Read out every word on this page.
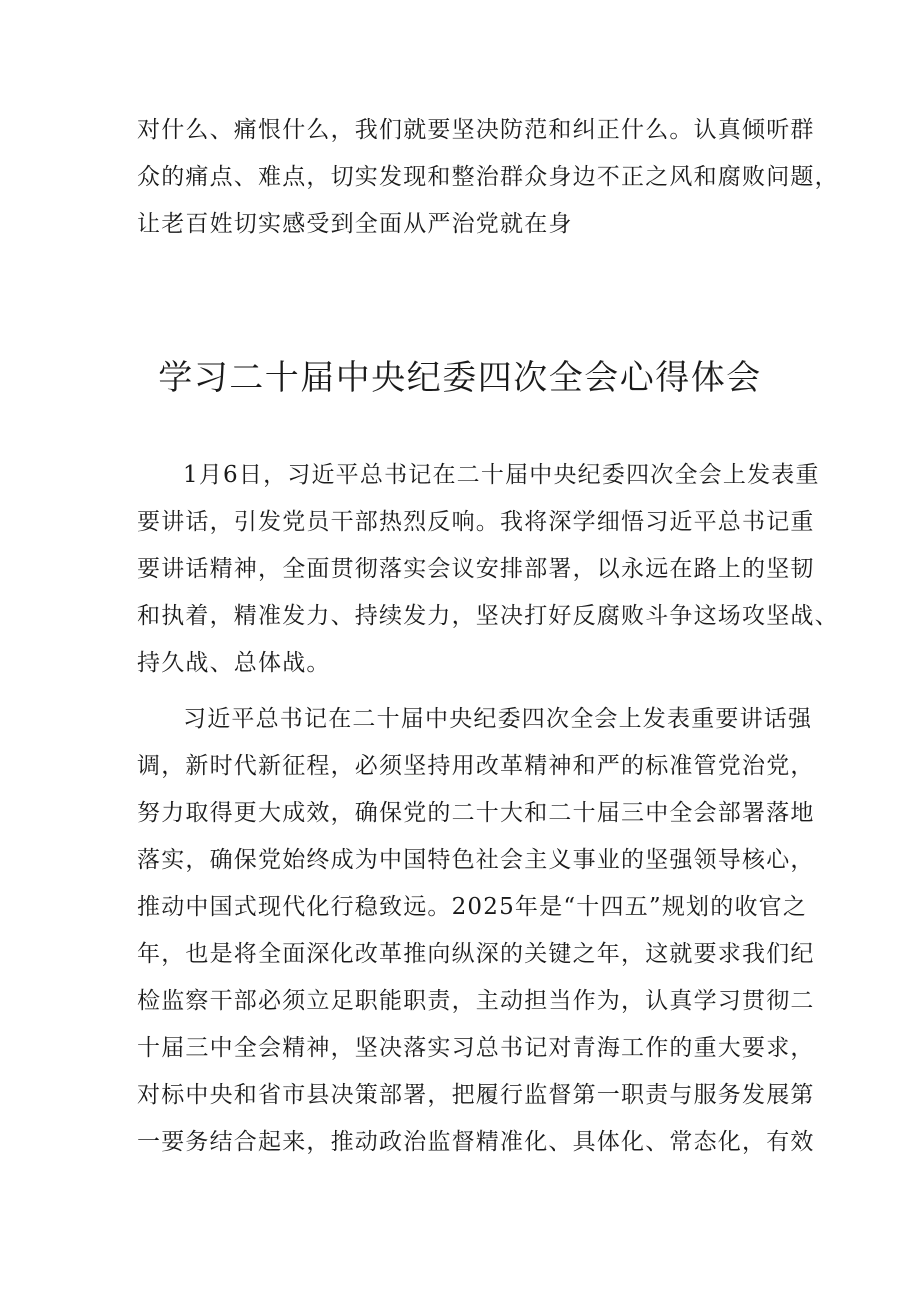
对什么、痛恨什么，我们就要坚决防范和纠正什么。认真倾听群
众的痛点、难点，切实发现和整治群众身边不正之风和腐败问题，
让老百姓切实感受到全面从严治党就在身

学习二十届中央纪委四次全会心得体会

1月6日，习近平总书记在二十届中央纪委四次全会上发表重
要讲话，引发党员干部热烈反响。我将深学细悟习近平总书记重
要讲话精神，全面贯彻落实会议安排部署，以永远在路上的坚韧
和执着，精准发力、持续发力，坚决打好反腐败斗争这场攻坚战、
持久战、总体战。

习近平总书记在二十届中央纪委四次全会上发表重要讲话强
调，新时代新征程，必须坚持用改革精神和严的标准管党治党，
努力取得更大成效，确保党的二十大和二十届三中全会部署落地
落实，确保党始终成为中国特色社会主义事业的坚强领导核心，
推动中国式现代化行稳致远。2025年是“十四五”规划的收官之
年，也是将全面深化改革推向纵深的关键之年，这就要求我们纪
检监察干部必须立足职能职责，主动担当作为，认真学习贯彻二
十届三中全会精神，坚决落实习总书记对青海工作的重大要求，
对标中央和省市县决策部署，把履行监督第一职责与服务发展第
一要务结合起来，推动政治监督精准化、具体化、常态化，有效
